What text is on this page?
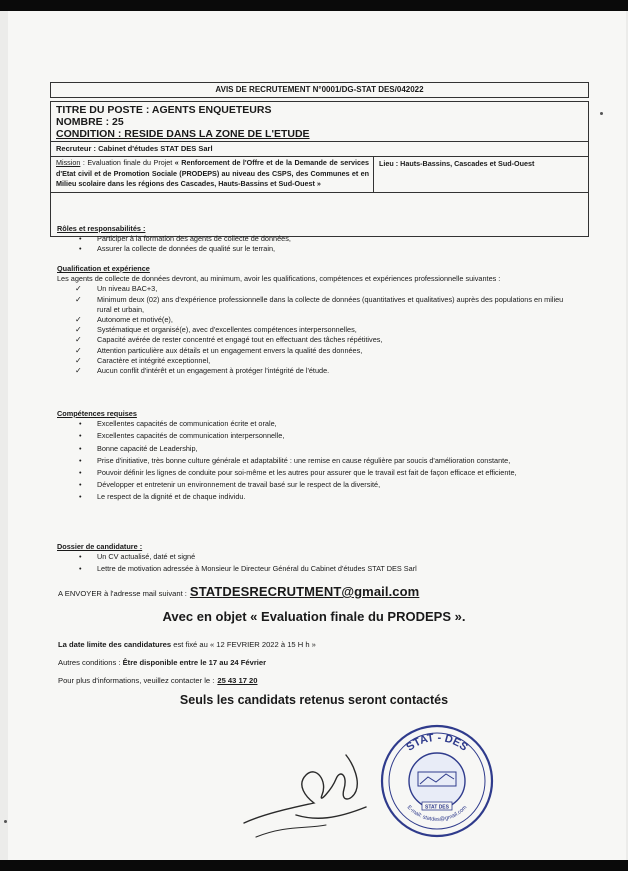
AVIS DE RECRUTEMENT N°0001/DG-STAT DES/042022
TITRE DU POSTE : AGENTS ENQUETEURS
NOMBRE : 25
CONDITION : RESIDE DANS LA ZONE DE L'ETUDE
Recruteur : Cabinet d'études STAT DES Sarl
Mission : Evaluation finale du Projet « Renforcement de l'Offre et de la Demande de services d'Etat civil et de Promotion Sociale (PRODEPS) au niveau des CSPS, des Communes et en Milieu scolaire dans les régions des Cascades, Hauts-Bassins et Sud-Ouest »
Lieu : Hauts-Bassins, Cascades et Sud-Ouest
Rôles et responsabilités :
• Participer à la formation des agents de collecte de données,
• Assurer la collecte de données de qualité sur le terrain,
Qualification et expérience
Les agents de collecte de données devront, au minimum, avoir les qualifications, compétences et expériences professionnelle suivantes :
✓ Un niveau BAC+3,
✓ Minimum deux (02) ans d'expérience professionnelle dans la collecte de données (quantitatives et qualitatives) auprès des populations en milieu rural et urbain,
✓ Autonome et motivé(e),
✓ Systématique et organisé(e), avec d'excellentes compétences interpersonnelles,
✓ Capacité avérée de rester concentré et engagé tout en effectuant des tâches répétitives,
✓ Attention particulière aux détails et un engagement envers la qualité des données,
✓ Caractère et intégrité exceptionnel,
✓ Aucun conflit d'intérêt et un engagement à protéger l'intégrité de l'étude.
Compétences requises
• Excellentes capacités de communication écrite et orale,
• Excellentes capacités de communication interpersonnelle,
• Bonne capacité de Leadership,
• Prise d'initiative, très bonne culture générale et adaptabilité : une remise en cause régulière par soucis d'amélioration constante,
• Pouvoir définir les lignes de conduite pour soi-même et les autres pour assurer que le travail est fait de façon efficace et efficiente,
• Développer et entretenir un environnement de travail basé sur le respect de la diversité,
• Le respect de la dignité et de chaque individu.
Dossier de candidature :
• Un CV actualisé, daté et signé
• Lettre de motivation adressée à Monsieur le Directeur Général du Cabinet d'études STAT DES Sarl
A ENVOYER à l'adresse mail suivant : STATDESRECRUTMENT@gmail.com
Avec en objet « Evaluation finale du PRODEPS ».
La date limite des candidatures est fixé au « 12 FEVRIER 2022 à 15 H h »
Autres conditions : Être disponible entre le 17 au 24 Février
Pour plus d'informations, veuillez contacter le : 25 43 17 20
Seuls les candidats retenus seront contactés
STAT - DES
E-mail: statdes@gmail.com
STAT DES
